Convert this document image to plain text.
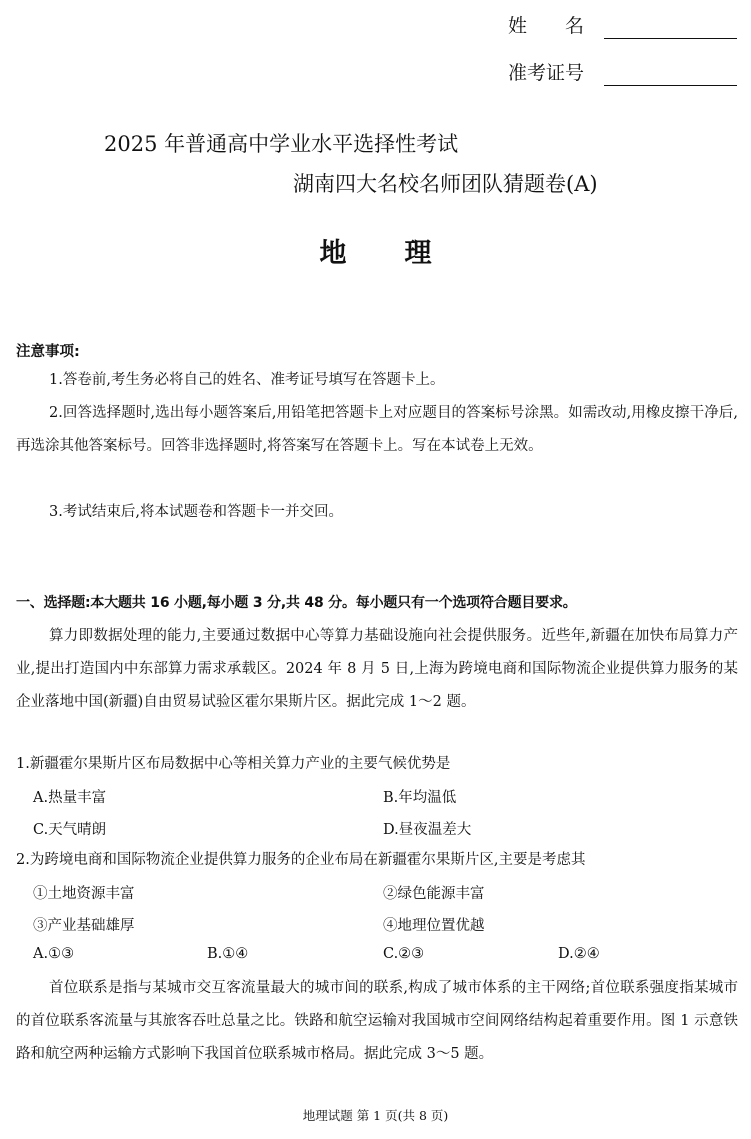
姓　　名
准考证号
2025 年普通高中学业水平选择性考试
湖南四大名校名师团队猜题卷(A)
地理
注意事项:
1.答卷前,考生务必将自己的姓名、准考证号填写在答题卡上。
2.回答选择题时,选出每小题答案后,用铅笔把答题卡上对应题目的答案标号涂黑。如需改动,用橡皮擦干净后,再选涂其他答案标号。回答非选择题时,将答案写在答题卡上。写在本试卷上无效。
3.考试结束后,将本试题卷和答题卡一并交回。
一、选择题:本大题共 16 小题,每小题 3 分,共 48 分。每小题只有一个选项符合题目要求。
算力即数据处理的能力,主要通过数据中心等算力基础设施向社会提供服务。近些年,新疆在加快布局算力产业,提出打造国内中东部算力需求承载区。2024 年 8 月 5 日,上海为跨境电商和国际物流企业提供算力服务的某企业落地中国(新疆)自由贸易试验区霍尔果斯片区。据此完成 1～2 题。
1.新疆霍尔果斯片区布局数据中心等相关算力产业的主要气候优势是
A.热量丰富	B.年均温低
C.天气晴朗	D.昼夜温差大
2.为跨境电商和国际物流企业提供算力服务的企业布局在新疆霍尔果斯片区,主要是考虑其
①土地资源丰富	②绿色能源丰富
③产业基础雄厚	④地理位置优越
A.①③	B.①④	C.②③	D.②④
首位联系是指与某城市交互客流量最大的城市间的联系,构成了城市体系的主干网络;首位联系强度指某城市的首位联系客流量与其旅客吞吐总量之比。铁路和航空运输对我国城市空间网络结构起着重要作用。图 1 示意铁路和航空两种运输方式影响下我国首位联系城市格局。据此完成 3～5 题。
地理试题 第 1 页(共 8 页)
